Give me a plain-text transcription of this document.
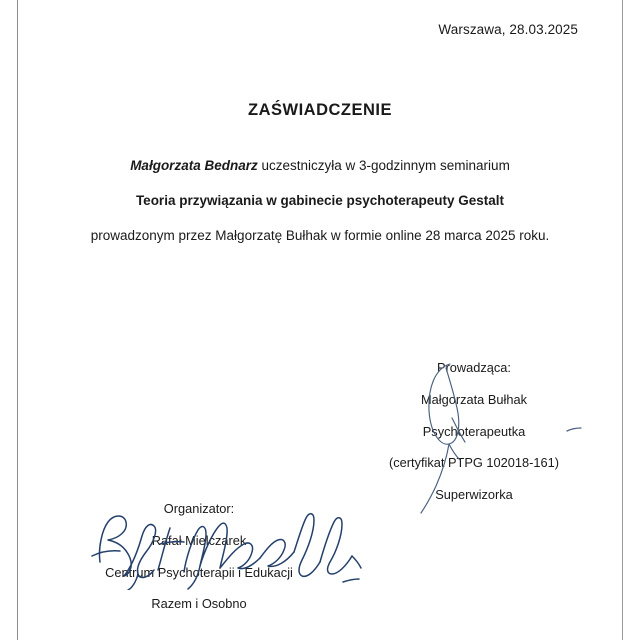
Warszawa, 28.03.2025
ZAŚWIADCZENIE
Małgorzata Bednarz uczestniczyła w 3-godzinnym seminarium
Teoria przywiązania w gabinecie psychoterapeuty Gestalt
prowadzonym przez Małgorzatę Bułhak w formie online 28 marca 2025 roku.
Prowadząca:
Małgorzata Bułhak
Psychoterapeutka
(certyfikat PTPG 102018-161)
Superwizorka
Organizator:
Rafał Mielczarek
Centrum Psychoterapii i Edukacji
Razem i Osobno
